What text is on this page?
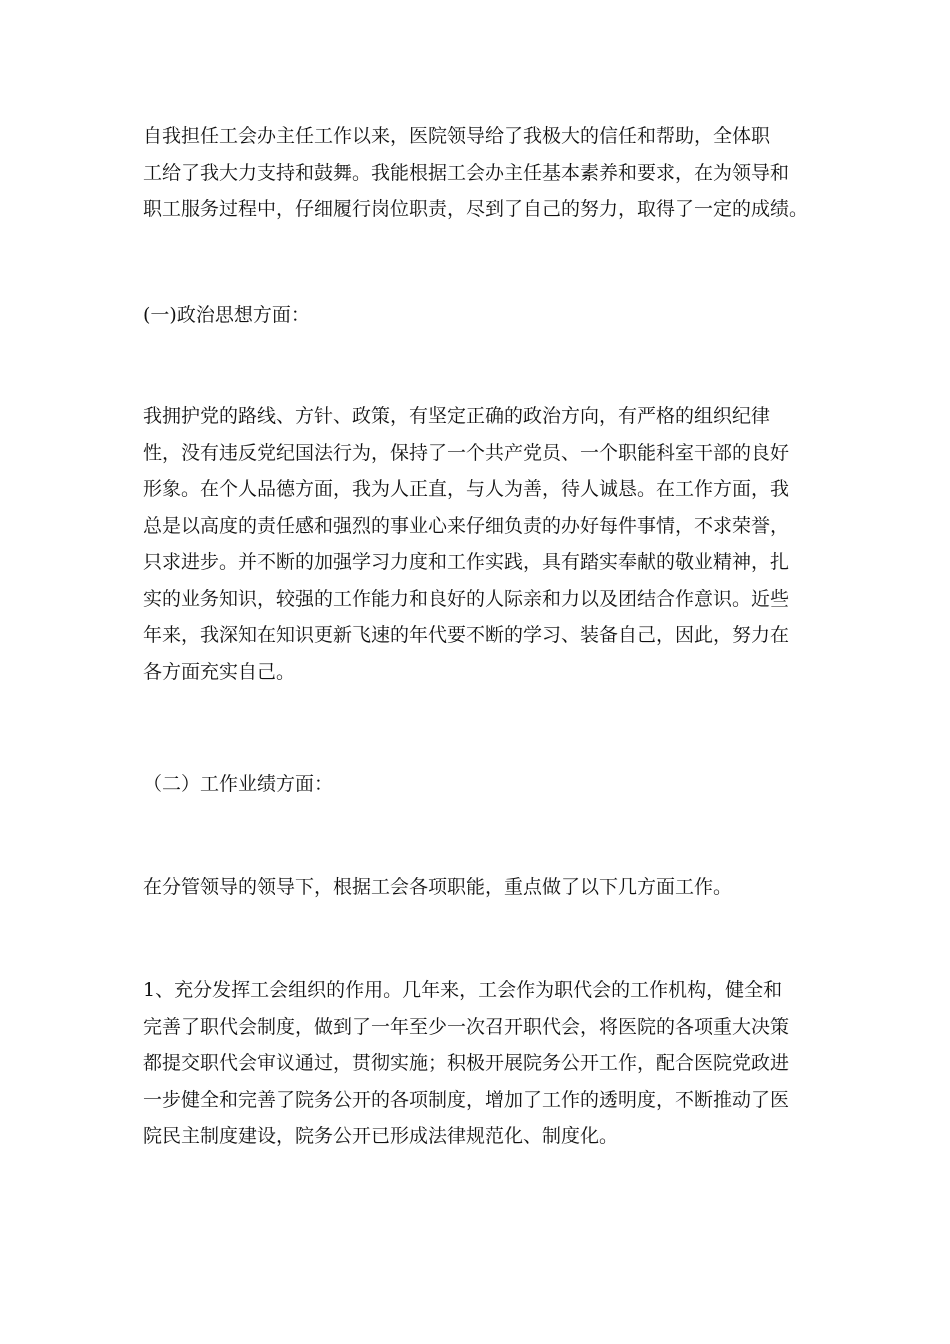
自我担任工会办主任工作以来，医院领导给了我极大的信任和帮助，全体职
工给了我大力支持和鼓舞。我能根据工会办主任基本素养和要求，在为领导和
职工服务过程中，仔细履行岗位职责，尽到了自己的努力，取得了一定的成绩。
(一)政治思想方面：
我拥护党的路线、方针、政策，有坚定正确的政治方向，有严格的组织纪律
性，没有违反党纪国法行为，保持了一个共产党员、一个职能科室干部的良好
形象。在个人品德方面，我为人正直，与人为善，待人诚恳。在工作方面，我
总是以高度的责任感和强烈的事业心来仔细负责的办好每件事情，不求荣誉，
只求进步。并不断的加强学习力度和工作实践，具有踏实奉献的敬业精神，扎
实的业务知识，较强的工作能力和良好的人际亲和力以及团结合作意识。近些
年来，我深知在知识更新飞速的年代要不断的学习、装备自己，因此，努力在
各方面充实自己。
（二）工作业绩方面：
在分管领导的领导下，根据工会各项职能，重点做了以下几方面工作。
1、充分发挥工会组织的作用。几年来，工会作为职代会的工作机构，健全和
完善了职代会制度，做到了一年至少一次召开职代会，将医院的各项重大决策
都提交职代会审议通过，贯彻实施；积极开展院务公开工作，配合医院党政进
一步健全和完善了院务公开的各项制度，增加了工作的透明度，不断推动了医
院民主制度建设，院务公开已形成法律规范化、制度化。
